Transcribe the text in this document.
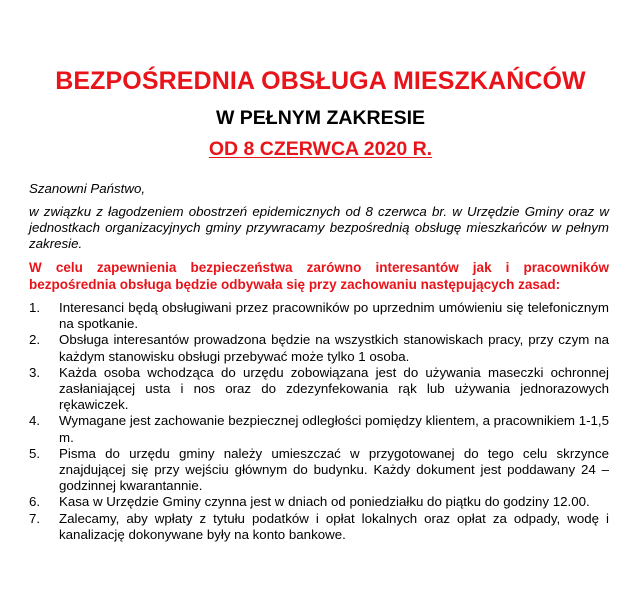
BEZPOŚREDNIA OBSŁUGA MIESZKAŃCÓW
W PEŁNYM ZAKRESIE
OD 8 CZERWCA 2020 R.

Szanowni Państwo,

w związku z łagodzeniem obostrzeń epidemicznych od 8 czerwca br. w Urzędzie Gminy oraz w jednostkach organizacyjnych gminy przywracamy bezpośrednią obsługę mieszkańców w pełnym zakresie.

W celu zapewnienia bezpieczeństwa zarówno interesantów jak i pracowników bezpośrednia obsługa będzie odbywała się przy zachowaniu następujących zasad:

1. Interesanci będą obsługiwani przez pracowników po uprzednim umówieniu się telefonicznym na spotkanie.
2. Obsługa interesantów prowadzona będzie na wszystkich stanowiskach pracy, przy czym na każdym stanowisku obsługi przebywać może tylko 1 osoba.
3. Każda osoba wchodząca do urzędu zobowiązana jest do używania maseczki ochronnej zasłaniającej usta i nos oraz do zdezynfekowania rąk lub używania jednorazowych rękawiczek.
4. Wymagane jest zachowanie bezpiecznej odległości pomiędzy klientem, a pracownikiem 1-1,5 m.
5. Pisma do urzędu gminy należy umieszczać w przygotowanej do tego celu skrzynce znajdującej się przy wejściu głównym do budynku. Każdy dokument jest poddawany 24 – godzinnej kwarantannie.
6. Kasa w Urzędzie Gminy czynna jest w dniach od poniedziałku do piątku do godziny 12.00.
7. Zalecamy, aby wpłaty z tytułu podatków i opłat lokalnych oraz opłat za odpady, wodę i kanalizację dokonywane były na konto bankowe.
